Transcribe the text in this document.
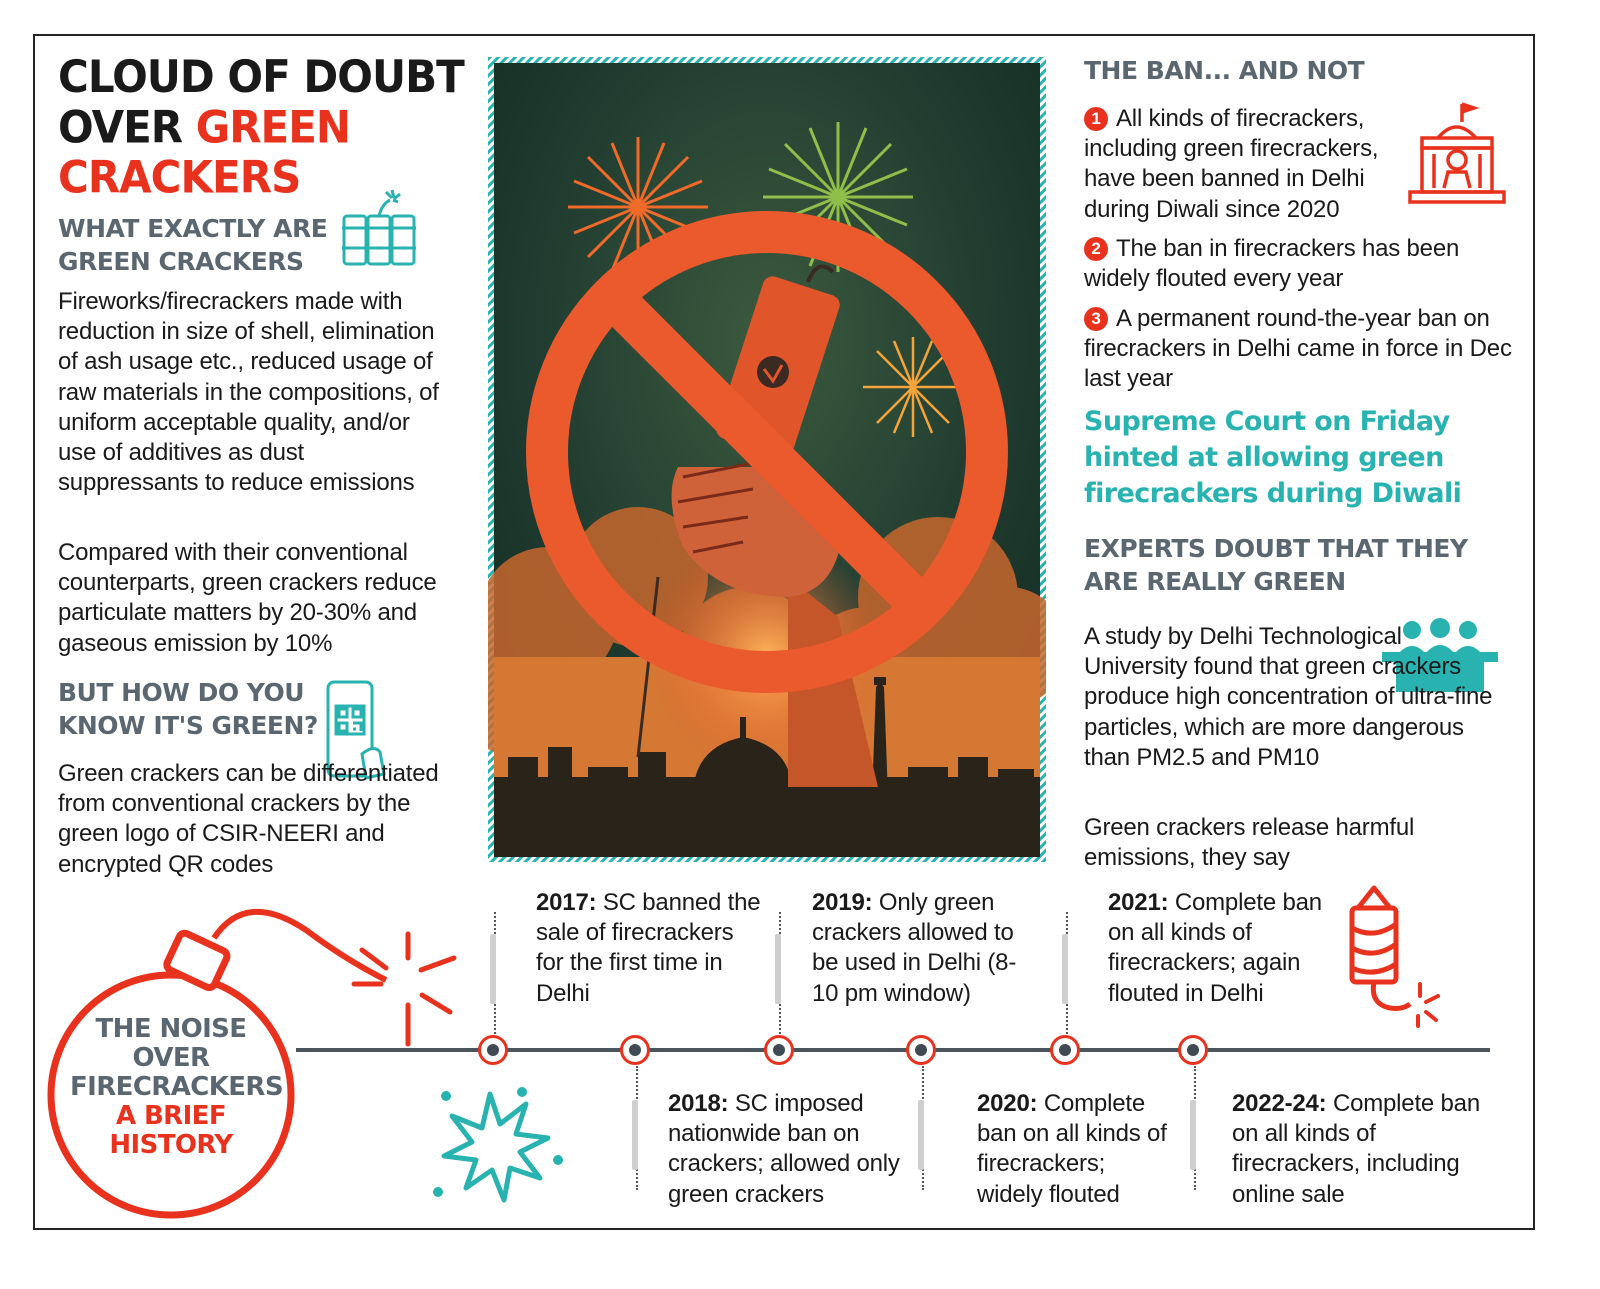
CLOUD OF DOUBT
OVER GREEN
CRACKERS
WHAT EXACTLY ARE
GREEN CRACKERS
Fireworks/firecrackers made with reduction in size of shell, elimination of ash usage etc., reduced usage of raw materials in the compositions, of uniform acceptable quality, and/or use of additives as dust suppressants to reduce emissions
Compared with their conventional counterparts, green crackers reduce particulate matters by 20-30% and gaseous emission by 10%
BUT HOW DO YOU
KNOW IT'S GREEN?
Green crackers can be differentiated from conventional crackers by the green logo of CSIR-NEERI and encrypted QR codes
THE BAN... AND NOT
1 All kinds of firecrackers, including green firecrackers, have been banned in Delhi during Diwali since 2020
2 The ban in firecrackers has been widely flouted every year
3 A permanent round-the-year ban on firecrackers in Delhi came in force in Dec last year
Supreme Court on Friday hinted at allowing green firecrackers during Diwali
EXPERTS DOUBT THAT THEY
ARE REALLY GREEN
A study by Delhi Technological University found that green crackers produce high concentration of ultra-fine particles, which are more dangerous than PM2.5 and PM10
Green crackers release harmful emissions, they say
THE NOISE
OVER
FIRECRACKERS
A BRIEF
HISTORY
2017: SC banned the sale of firecrackers for the first time in Delhi
2019: Only green crackers allowed to be used in Delhi (8-10 pm window)
2021: Complete ban on all kinds of firecrackers; again flouted in Delhi
2018: SC imposed nationwide ban on crackers; allowed only green crackers
2020: Complete ban on all kinds of firecrackers; widely flouted
2022-24: Complete ban on all kinds of firecrackers, including online sale
